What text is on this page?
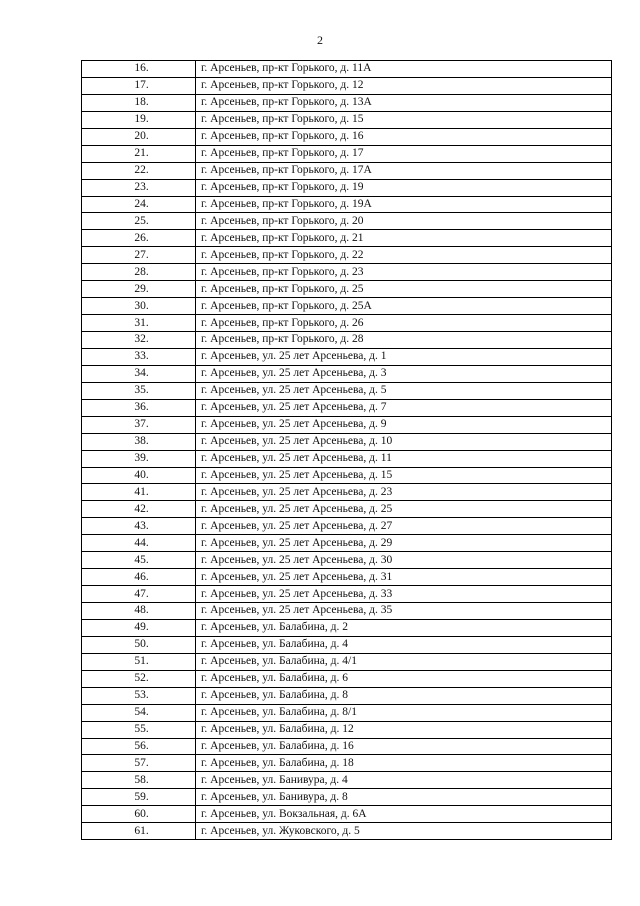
2
16.	г. Арсеньев, пр-кт Горького, д. 11А
17.	г. Арсеньев, пр-кт Горького, д. 12
18.	г. Арсеньев, пр-кт Горького, д. 13А
19.	г. Арсеньев, пр-кт Горького, д. 15
20.	г. Арсеньев, пр-кт Горького, д. 16
21.	г. Арсеньев, пр-кт Горького, д. 17
22.	г. Арсеньев, пр-кт Горького, д. 17А
23.	г. Арсеньев, пр-кт Горького, д. 19
24.	г. Арсеньев, пр-кт Горького, д. 19А
25.	г. Арсеньев, пр-кт Горького, д. 20
26.	г. Арсеньев, пр-кт Горького, д. 21
27.	г. Арсеньев, пр-кт Горького, д. 22
28.	г. Арсеньев, пр-кт Горького, д. 23
29.	г. Арсеньев, пр-кт Горького, д. 25
30.	г. Арсеньев, пр-кт Горького, д. 25А
31.	г. Арсеньев, пр-кт Горького, д. 26
32.	г. Арсеньев, пр-кт Горького, д. 28
33.	г. Арсеньев, ул. 25 лет Арсеньева, д. 1
34.	г. Арсеньев, ул. 25 лет Арсеньева, д. 3
35.	г. Арсеньев, ул. 25 лет Арсеньева, д. 5
36.	г. Арсеньев, ул. 25 лет Арсеньева, д. 7
37.	г. Арсеньев, ул. 25 лет Арсеньева, д. 9
38.	г. Арсеньев, ул. 25 лет Арсеньева, д. 10
39.	г. Арсеньев, ул. 25 лет Арсеньева, д. 11
40.	г. Арсеньев, ул. 25 лет Арсеньева, д. 15
41.	г. Арсеньев, ул. 25 лет Арсеньева, д. 23
42.	г. Арсеньев, ул. 25 лет Арсеньева, д. 25
43.	г. Арсеньев, ул. 25 лет Арсеньева, д. 27
44.	г. Арсеньев, ул. 25 лет Арсеньева, д. 29
45.	г. Арсеньев, ул. 25 лет Арсеньева, д. 30
46.	г. Арсеньев, ул. 25 лет Арсеньева, д. 31
47.	г. Арсеньев, ул. 25 лет Арсеньева, д. 33
48.	г. Арсеньев, ул. 25 лет Арсеньева, д. 35
49.	г. Арсеньев, ул. Балабина, д. 2
50.	г. Арсеньев, ул. Балабина, д. 4
51.	г. Арсеньев, ул. Балабина, д. 4/1
52.	г. Арсеньев, ул. Балабина, д. 6
53.	г. Арсеньев, ул. Балабина, д. 8
54.	г. Арсеньев, ул. Балабина, д. 8/1
55.	г. Арсеньев, ул. Балабина, д. 12
56.	г. Арсеньев, ул. Балабина, д. 16
57.	г. Арсеньев, ул. Балабина, д. 18
58.	г. Арсеньев, ул. Банивура, д. 4
59.	г. Арсеньев, ул. Банивура, д. 8
60.	г. Арсеньев, ул. Вокзальная, д. 6А
61.	г. Арсеньев, ул. Жуковского, д. 5
